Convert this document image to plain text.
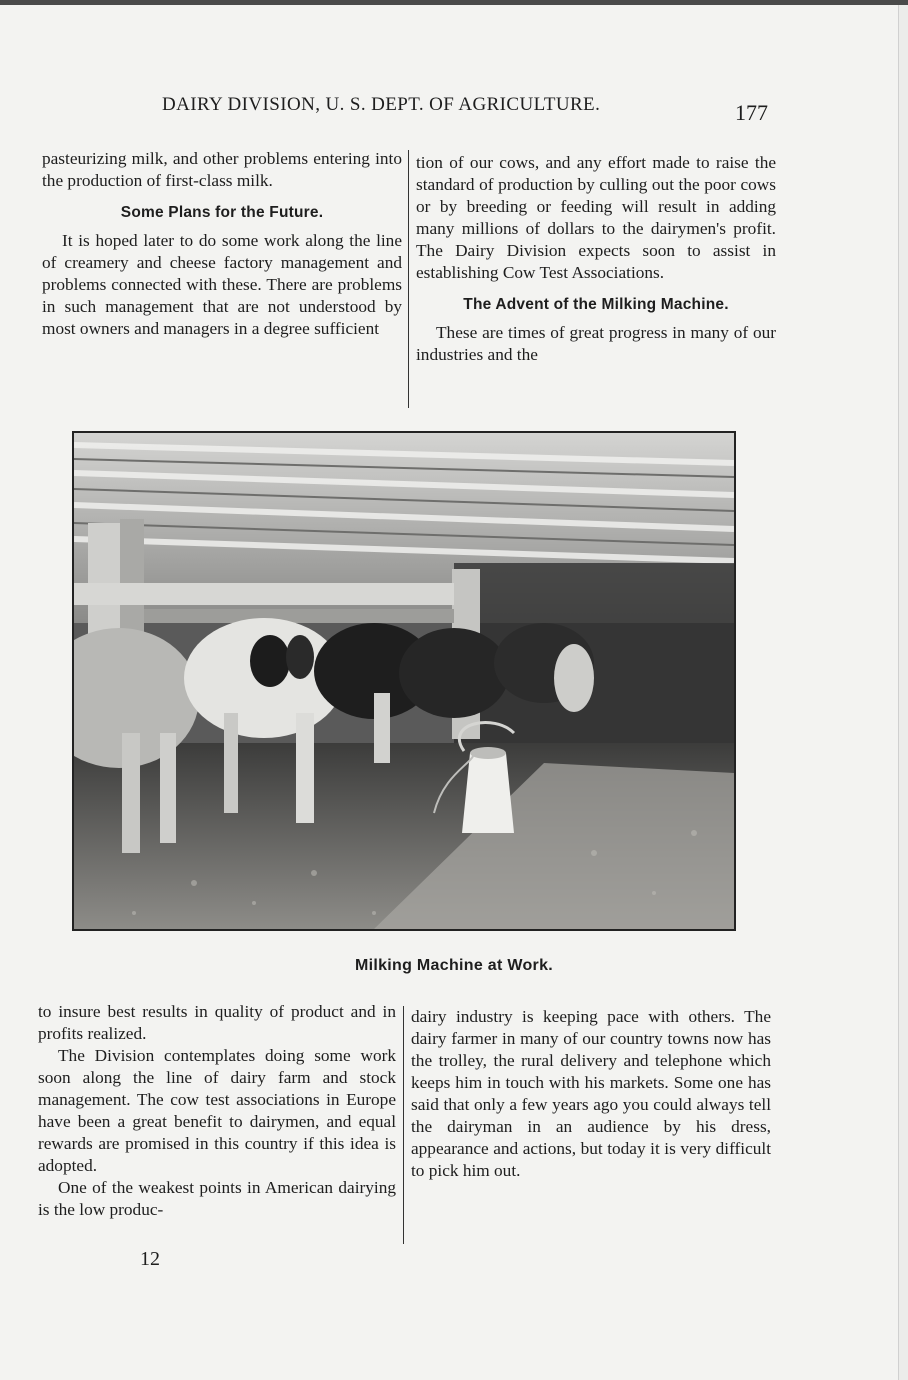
DAIRY DIVISION, U. S. DEPT. OF AGRICULTURE.	177

pasteurizing milk, and other problems entering into the production of first-class milk.

Some Plans for the Future.

It is hoped later to do some work along the line of creamery and cheese factory management and problems connected with these. There are problems in such management that are not understood by most owners and managers in a degree sufficient

tion of our cows, and any effort made to raise the standard of production by culling out the poor cows or by breeding or feeding will result in adding many millions of dollars to the dairymen's profit. The Dairy Division expects soon to assist in establishing Cow Test Associations.

The Advent of the Milking Machine.

These are times of great progress in many of our industries and the

Milking Machine at Work.

to insure best results in quality of product and in profits realized.

The Division contemplates doing some work soon along the line of dairy farm and stock management. The cow test associations in Europe have been a great benefit to dairymen, and equal rewards are promised in this country if this idea is adopted.

One of the weakest points in American dairying is the low produc-

dairy industry is keeping pace with others. The dairy farmer in many of our country towns now has the trolley, the rural delivery and telephone which keeps him in touch with his markets. Some one has said that only a few years ago you could always tell the dairyman in an audience by his dress, appearance and actions, but today it is very difficult to pick him out.

12
